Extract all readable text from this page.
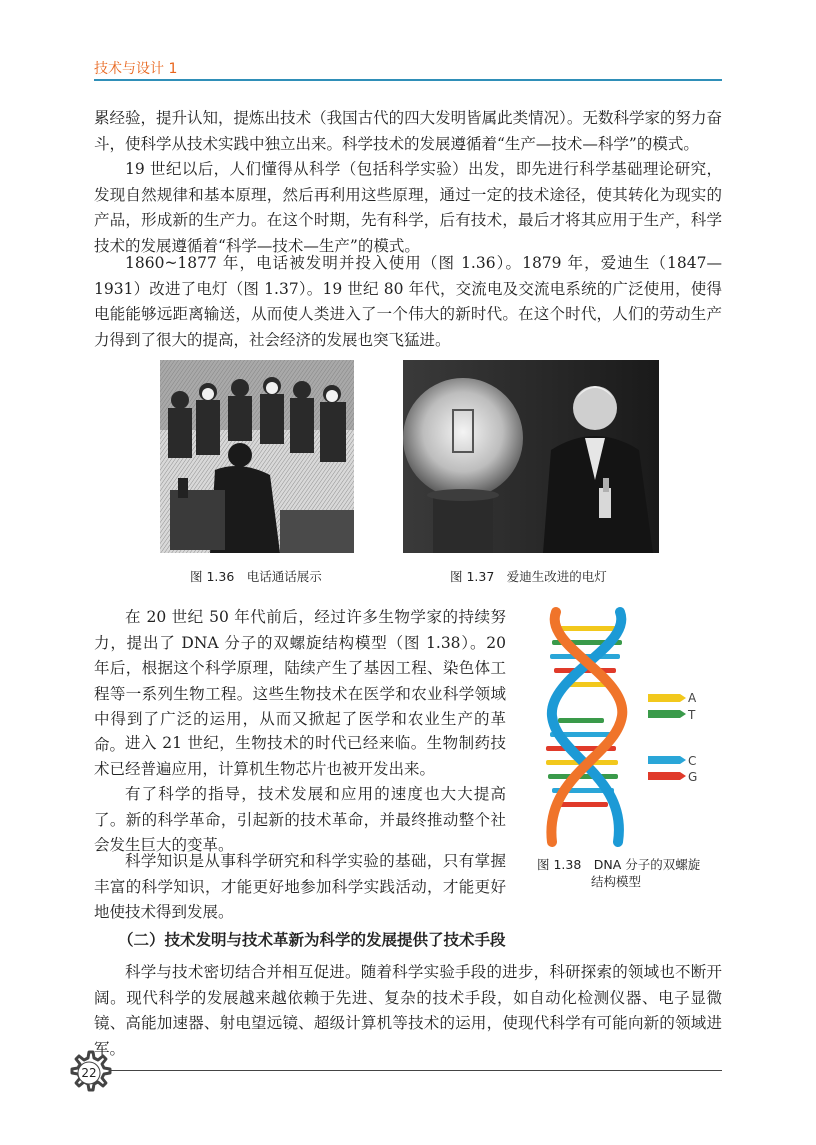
技术与设计 1

累经验，提升认知，提炼出技术（我国古代的四大发明皆属此类情况）。无数科学家的努力奋斗，使科学从技术实践中独立出来。科学技术的发展遵循着“生产—技术—科学”的模式。

19 世纪以后，人们懂得从科学（包括科学实验）出发，即先进行科学基础理论研究，发现自然规律和基本原理，然后再利用这些原理，通过一定的技术途径，使其转化为现实的产品，形成新的生产力。在这个时期，先有科学，后有技术，最后才将其应用于生产，科学技术的发展遵循着“科学—技术—生产”的模式。

1860~1877 年，电话被发明并投入使用（图 1.36）。1879 年，爱迪生（1847—1931）改进了电灯（图 1.37）。19 世纪 80 年代，交流电及交流电系统的广泛使用，使得电能能够远距离输送，从而使人类进入了一个伟大的新时代。在这个时代，人们的劳动生产力得到了很大的提高，社会经济的发展也突飞猛进。

图 1.36　电话通话展示	图 1.37　爱迪生改进的电灯

在 20 世纪 50 年代前后，经过许多生物学家的持续努力，提出了 DNA 分子的双螺旋结构模型（图 1.38）。20 年后，根据这个科学原理，陆续产生了基因工程、染色体工程等一系列生物工程。这些生物技术在医学和农业科学领域中得到了广泛的运用，从而又掀起了医学和农业生产的革命。 进入 21 世纪，生物技术的时代已经来临。生物制药技术已经普遍应用，计算机生物芯片也被开发出来。

有了科学的指导，技术发展和应用的速度也大大提高了。新的科学革命，引起新的技术革命，并最终推动整个社会发生巨大的变革。

科学知识是从事科学研究和科学实验的基础，只有掌握丰富的科学知识，才能更好地参加科学实践活动，才能更好地使技术得到发展。

A
T
C
G
图 1.38　DNA 分子的双螺旋
结构模型
（二）技术发明与技术革新为科学的发展提供了技术手段

科学与技术密切结合并相互促进。随着科学实验手段的进步，科研探索的领域也不断开阔。现代科学的发展越来越依赖于先进、复杂的技术手段，如自动化检测仪器、电子显微镜、高能加速器、射电望远镜、超级计算机等技术的运用，使现代科学有可能向新的领域进军。

22
